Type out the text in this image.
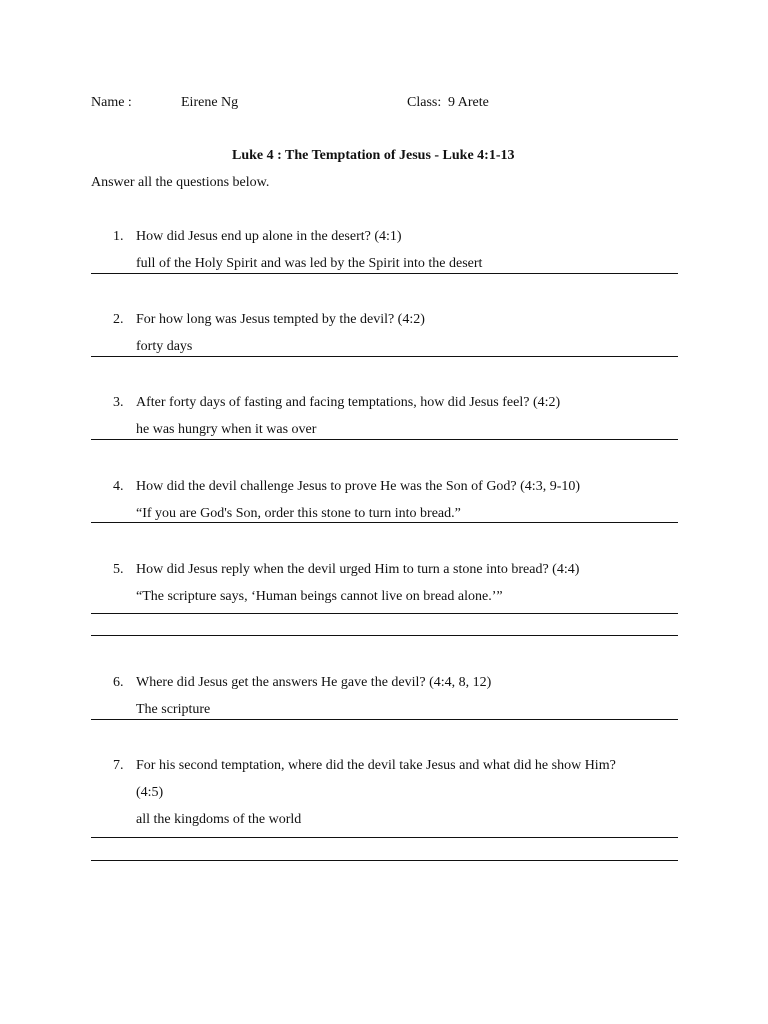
Name :	Eirene Ng	Class: 9 Arete
Luke 4 : The Temptation of Jesus - Luke 4:1-13
Answer all the questions below.
1. How did Jesus end up alone in the desert? (4:1)
full of the Holy Spirit and was led by the Spirit into the desert
2. For how long was Jesus tempted by the devil? (4:2)
forty days
3. After forty days of fasting and facing temptations, how did Jesus feel? (4:2)
he was hungry when it was over
4. How did the devil challenge Jesus to prove He was the Son of God? (4:3, 9-10)
“If you are God's Son, order this stone to turn into bread.”
5. How did Jesus reply when the devil urged Him to turn a stone into bread? (4:4)
“The scripture says, ‘Human beings cannot live on bread alone.’”
6. Where did Jesus get the answers He gave the devil? (4:4, 8, 12)
The scripture
7. For his second temptation, where did the devil take Jesus and what did he show Him?
(4:5)
all the kingdoms of the world
